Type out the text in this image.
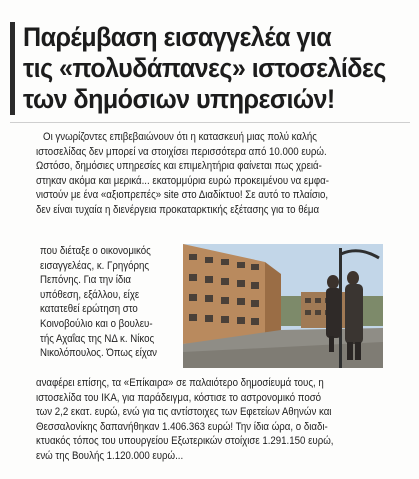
Παρέμβαση εισαγγελέα για
τις «πολυδάπανες» ιστοσελίδες
των δημόσιων υπηρεσιών!
Οι γνωρίζοντες επιβεβαιώνουν ότι η κατασκευή μιας πολύ καλής
ιστοσελίδας δεν μπορεί να στοιχίσει περισσότερα από 10.000 ευρώ.
Ωστόσο, δημόσιες υπηρεσίες και επιμελητήρια φαίνεται πως χρειά-
στηκαν ακόμα και μερικά... εκατομμύρια ευρώ προκειμένου να εμφα-
νιστούν με ένα «αξιοπρεπές» site στο Διαδίκτυο! Σε αυτό το πλαίσιο,
δεν είναι τυχαία η διενέργεια προκαταρκτικής εξέτασης για το θέμα
που διέταξε ο οικονομικός
εισαγγελέας, κ. Γρηγόρης
Πεπόνης. Για την ίδια
υπόθεση, εξάλλου, είχε
κατατεθεί ερώτηση στο
Κοινοβούλιο και ο βουλευ-
τής Αχαΐας της ΝΔ κ. Νίκος
Νικολόπουλος. Όπως είχαν
αναφέρει επίσης, τα «Επίκαιρα» σε παλαιότερο δημοσίευμά τους, η
ιστοσελίδα του ΙΚΑ, για παράδειγμα, κόστισε το αστρονομικό ποσό
των 2,2 εκατ. ευρώ, ενώ για τις αντίστοιχες των Εφετείων Αθηνών και
Θεσσαλονίκης δαπανήθηκαν 1.406.363 ευρώ! Την ίδια ώρα, ο διαδι-
κτυακός τόπος του υπουργείου Εξωτερικών στοίχισε 1.291.150 ευρώ,
ενώ της Βουλής 1.120.000 ευρώ...
